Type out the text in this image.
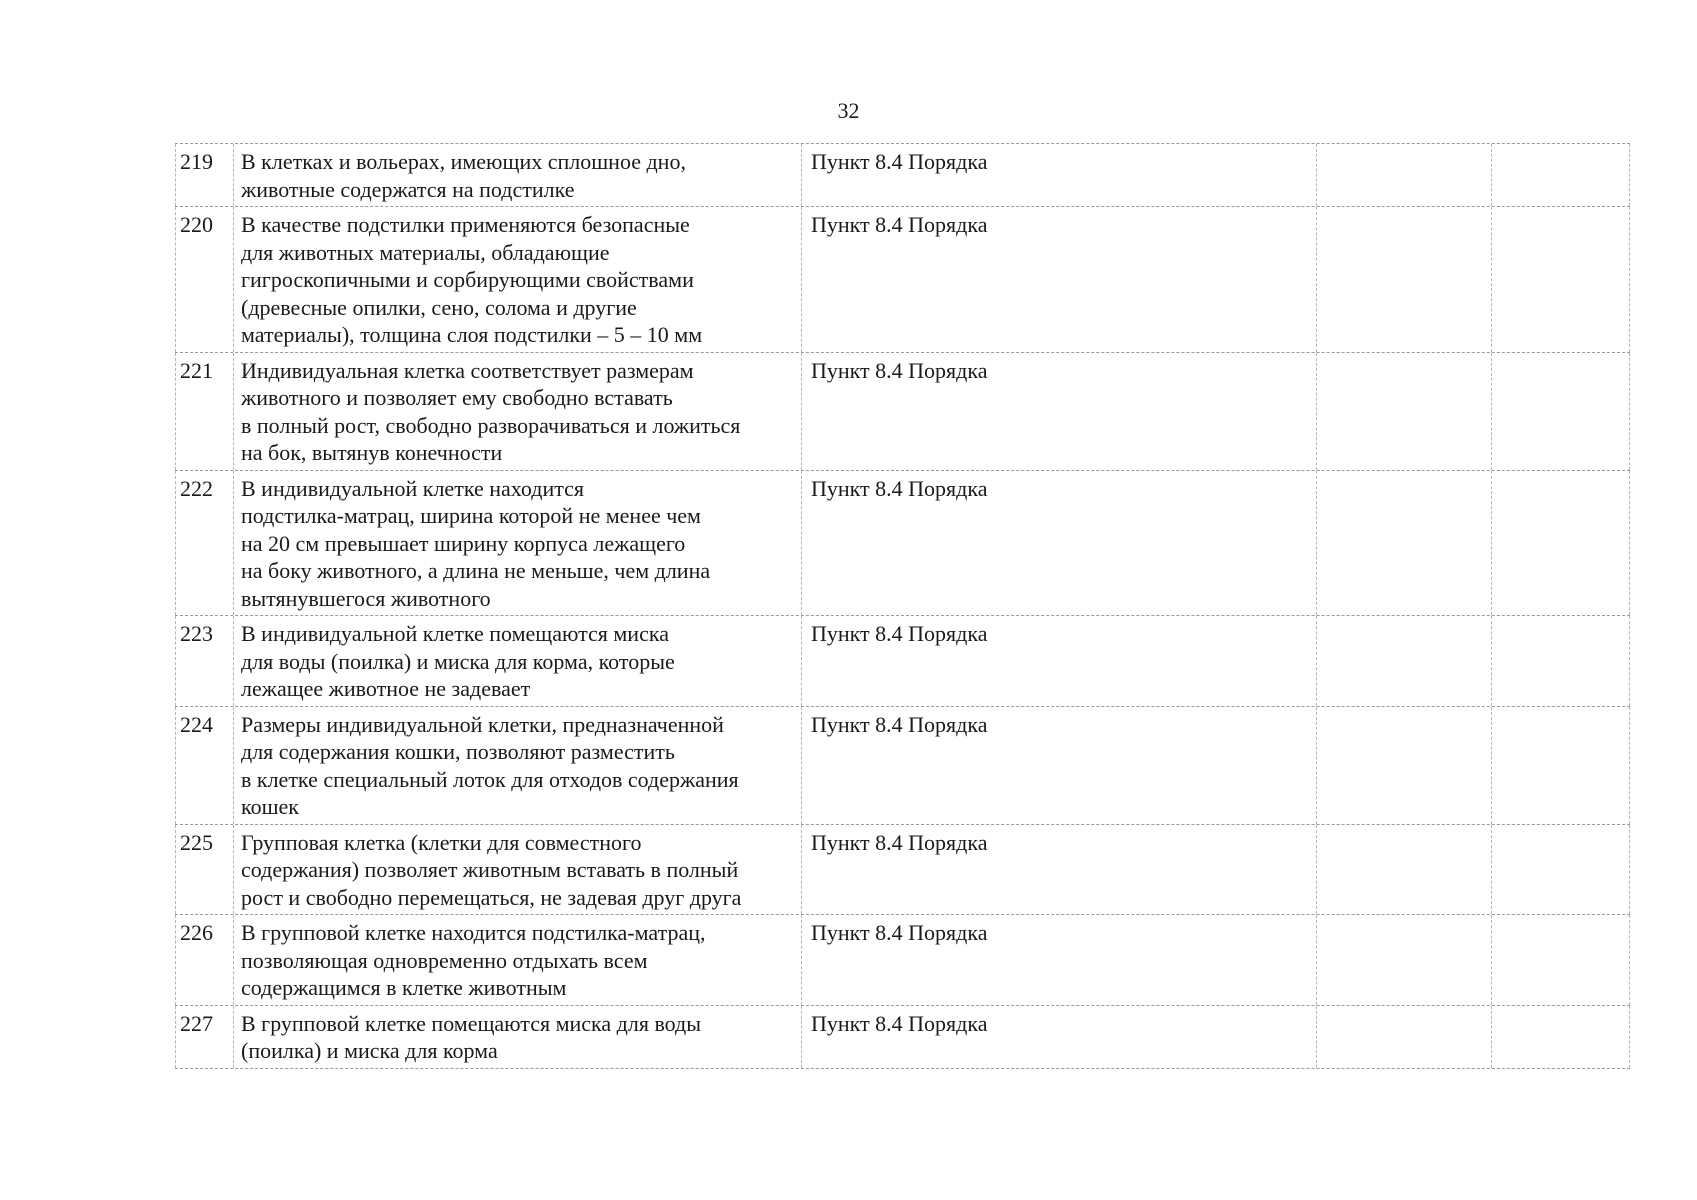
32
219	В клетках и вольерах, имеющих сплошное дно,
животные содержатся на подстилке
Пункт 8.4 Порядка
220	В качестве подстилки применяются безопасные
для животных материалы, обладающие
гигроскопичными и сорбирующими свойствами
(древесные опилки, сено, солома и другие
материалы), толщина слоя подстилки – 5 – 10 мм
Пункт 8.4 Порядка
221	Индивидуальная клетка соответствует размерам
животного и позволяет ему свободно вставать
в полный рост, свободно разворачиваться и ложиться
на бок, вытянув конечности
Пункт 8.4 Порядка
222	В индивидуальной клетке находится
подстилка-матрац, ширина которой не менее чем
на 20 см превышает ширину корпуса лежащего
на боку животного, а длина не меньше, чем длина
вытянувшегося животного
Пункт 8.4 Порядка
223	В индивидуальной клетке помещаются миска
для воды (поилка) и миска для корма, которые
лежащее животное не задевает
Пункт 8.4 Порядка
224	Размеры индивидуальной клетки, предназначенной
для содержания кошки, позволяют разместить
в клетке специальный лоток для отходов содержания
кошек
Пункт 8.4 Порядка
225	Групповая клетка (клетки для совместного
содержания) позволяет животным вставать в полный
рост и свободно перемещаться, не задевая друг друга
Пункт 8.4 Порядка
226	В групповой клетке находится подстилка-матрац,
позволяющая одновременно отдыхать всем
содержащимся в клетке животным
Пункт 8.4 Порядка
227	В групповой клетке помещаются миска для воды
(поилка) и миска для корма
Пункт 8.4 Порядка
